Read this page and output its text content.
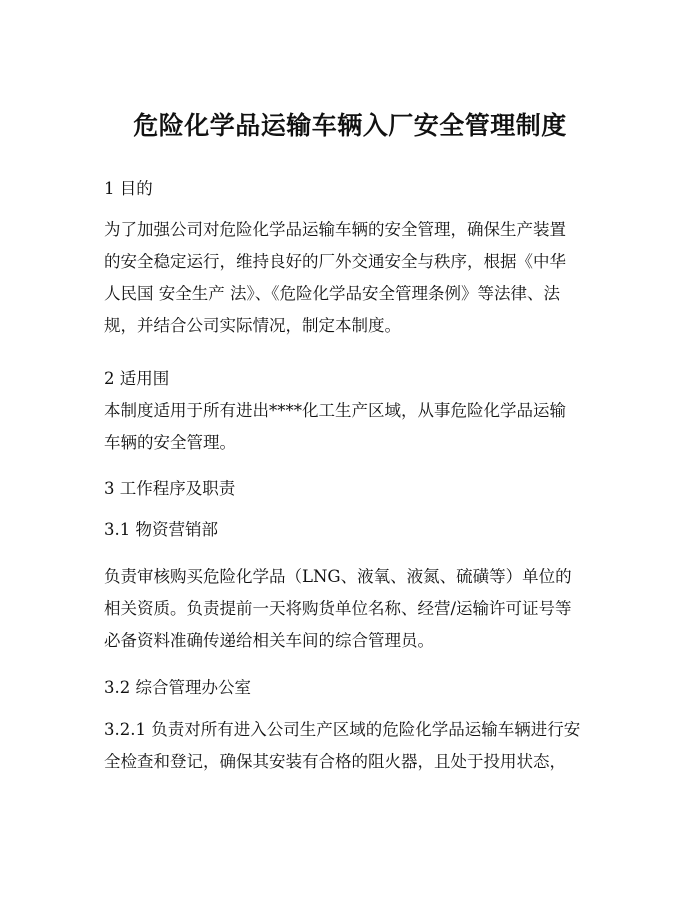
危险化学品运输车辆入厂安全管理制度
1 目的
为了加强公司对危险化学品运输车辆的安全管理，确保生产装置
的安全稳定运行，维持良好的厂外交通安全与秩序，根据《中华
人民国 安全生产 法》、《危险化学品安全管理条例》等法律、法
规，并结合公司实际情况，制定本制度。
2 适用围
本制度适用于所有进出****化工生产区域，从事危险化学品运输
车辆的安全管理。
3 工作程序及职责
3.1 物资营销部
负责审核购买危险化学品（LNG、液氧、液氮、硫磺等）单位的
相关资质。负责提前一天将购货单位名称、经营/运输许可证号等
必备资料准确传递给相关车间的综合管理员。
3.2 综合管理办公室
3.2.1 负责对所有进入公司生产区域的危险化学品运输车辆进行安
全检查和登记，确保其安装有合格的阻火器，且处于投用状态，
